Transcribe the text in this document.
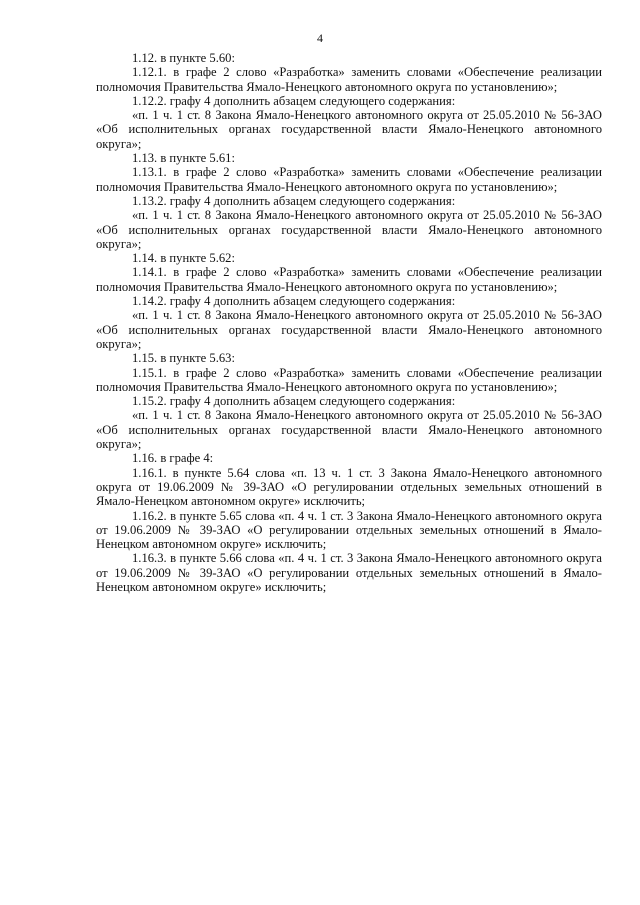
4

1.12. в пункте 5.60:

1.12.1. в графе 2 слово «Разработка» заменить словами «Обеспечение реализации полномочия Правительства Ямало-Ненецкого автономного округа по установлению»;

1.12.2. графу 4 дополнить абзацем следующего содержания:

«п. 1 ч. 1 ст. 8 Закона Ямало-Ненецкого автономного округа от 25.05.2010 № 56-ЗАО «Об исполнительных органах государственной власти Ямало-Ненецкого автономного округа»;

1.13. в пункте 5.61:

1.13.1. в графе 2 слово «Разработка» заменить словами «Обеспечение реализации полномочия Правительства Ямало-Ненецкого автономного округа по установлению»;

1.13.2. графу 4 дополнить абзацем следующего содержания:

«п. 1 ч. 1 ст. 8 Закона Ямало-Ненецкого автономного округа от 25.05.2010 № 56-ЗАО «Об исполнительных органах государственной власти Ямало-Ненецкого автономного округа»;

1.14. в пункте 5.62:

1.14.1. в графе 2 слово «Разработка» заменить словами «Обеспечение реализации полномочия Правительства Ямало-Ненецкого автономного округа по установлению»;

1.14.2. графу 4 дополнить абзацем следующего содержания:

«п. 1 ч. 1 ст. 8 Закона Ямало-Ненецкого автономного округа от 25.05.2010 № 56-ЗАО «Об исполнительных органах государственной власти Ямало-Ненецкого автономного округа»;

1.15. в пункте 5.63:

1.15.1. в графе 2 слово «Разработка» заменить словами «Обеспечение реализации полномочия Правительства Ямало-Ненецкого автономного округа по установлению»;

1.15.2. графу 4 дополнить абзацем следующего содержания:

«п. 1 ч. 1 ст. 8 Закона Ямало-Ненецкого автономного округа от 25.05.2010 № 56-ЗАО «Об исполнительных органах государственной власти Ямало-Ненецкого автономного округа»;

1.16. в графе 4:

1.16.1. в пункте 5.64 слова «п. 13 ч. 1 ст. 3 Закона Ямало-Ненецкого автономного округа от 19.06.2009 № 39-ЗАО «О регулировании отдельных земельных отношений в Ямало-Ненецком автономном округе» исключить;

1.16.2. в пункте 5.65 слова «п. 4 ч. 1 ст. 3 Закона Ямало-Ненецкого автономного округа от 19.06.2009 № 39-ЗАО «О регулировании отдельных земельных отношений в Ямало-Ненецком автономном округе» исключить;

1.16.3. в пункте 5.66 слова «п. 4 ч. 1 ст. 3 Закона Ямало-Ненецкого автономного округа от 19.06.2009 № 39-ЗАО «О регулировании отдельных земельных отношений в Ямало-Ненецком автономном округе» исключить;
